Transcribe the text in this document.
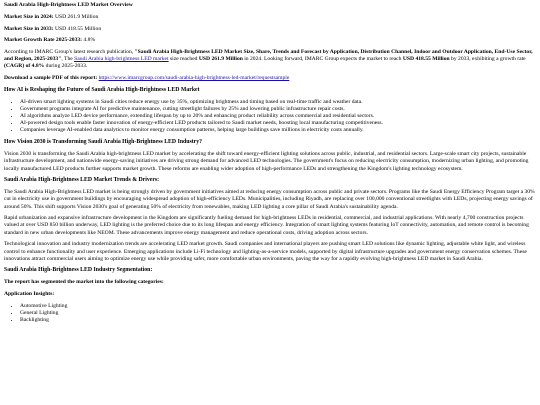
Saudi Arabia High-Brightness LED Market Overview

Market Size in 2024: USD 261.9 Million

Market Size in 2033: USD 418.55 Million

Market Growth Rate 2025-2033: 4.8%

According to IMARC Group's latest research publication, "Saudi Arabia High-Brightness LED Market Size, Share, Trends and Forecast by Application, Distribution Channel, Indoor and Outdoor Application, End-Use Sector, and Region, 2025-2033", The Saudi Arabia high-brightness LED market size reached USD 261.9 Million in 2024. Looking forward, IMARC Group expects the market to reach USD 418.55 Million by 2033, exhibiting a growth rate (CAGR) of 4.8% during 2025-2033.

Download a sample PDF of this report: https://www.imarcgroup.com/saudi-arabia-high-brightness-led-market/requestsample

How AI is Reshaping the Future of Saudi Arabia High-Brightness LED Market
• AI-driven smart lighting systems in Saudi cities reduce energy use by 35%, optimizing brightness and timing based on real-time traffic and weather data.
• Government programs integrate AI for predictive maintenance, cutting streetlight failures by 25% and lowering public infrastructure repair costs.
• AI algorithms analyze LED device performance, extending lifespan by up to 20% and enhancing product reliability across commercial and residential sectors.
• AI-powered design tools enable faster innovation of energy-efficient LED products tailored to Saudi market needs, boosting local manufacturing competitiveness.
• Companies leverage AI-enabled data analytics to monitor energy consumption patterns, helping large buildings save millions in electricity costs annually.
How Vision 2030 is Transforming Saudi Arabia High-Brightness LED Industry?

Vision 2030 is transforming the Saudi Arabia high-brightness LED market by accelerating the shift toward energy-efficient lighting solutions across public, industrial, and residential sectors. Large-scale smart city projects, sustainable infrastructure development, and nationwide energy-saving initiatives are driving strong demand for advanced LED technologies. The government's focus on reducing electricity consumption, modernizing urban lighting, and promoting locally manufactured LED products further supports market growth. These reforms are enabling wider adoption of high-performance LEDs and strengthening the Kingdom's lighting technology ecosystem.

Saudi Arabia High-Brightness LED Market Trends & Drivers:

The Saudi Arabia High-Brightness LED market is being strongly driven by government initiatives aimed at reducing energy consumption across public and private sectors. Programs like the Saudi Energy Efficiency Program target a 30% cut in electricity use in government buildings by encouraging widespread adoption of high-efficiency LEDs. Municipalities, including Riyadh, are replacing over 100,000 conventional streetlights with LEDs, projecting energy savings of around 50%. This shift supports Vision 2030's goal of generating 50% of electricity from renewables, making LED lighting a core pillar of Saudi Arabia's sustainability agenda.

Rapid urbanization and expansive infrastructure development in the Kingdom are significantly fueling demand for high-brightness LEDs in residential, commercial, and industrial applications. With nearly 4,700 construction projects valued at over USD 850 billion underway, LED lighting is the preferred choice due to its long lifespan and energy efficiency. Integration of smart lighting systems featuring IoT connectivity, automation, and remote control is becoming standard in new urban developments like NEOM. These advancements improve energy management and reduce operational costs, driving adoption across sectors.

Technological innovation and industry modernization trends are accelerating LED market growth. Saudi companies and international players are pushing smart LED solutions like dynamic lighting, adjustable white light, and wireless control to enhance functionality and user experience. Emerging applications include Li-Fi technology and lighting-as-a-service models, supported by digital infrastructure upgrades and government energy conservation schemes. These innovations attract commercial users aiming to optimize energy use while providing safer, more comfortable urban environments, paving the way for a rapidly evolving high-brightness LED market in Saudi Arabia.

Saudi Arabia High-Brightness LED Industry Segmentation:

The report has segmented the market into the following categories:

Application Insights:

• Automotive Lighting
• General Lighting
• Backlighting
